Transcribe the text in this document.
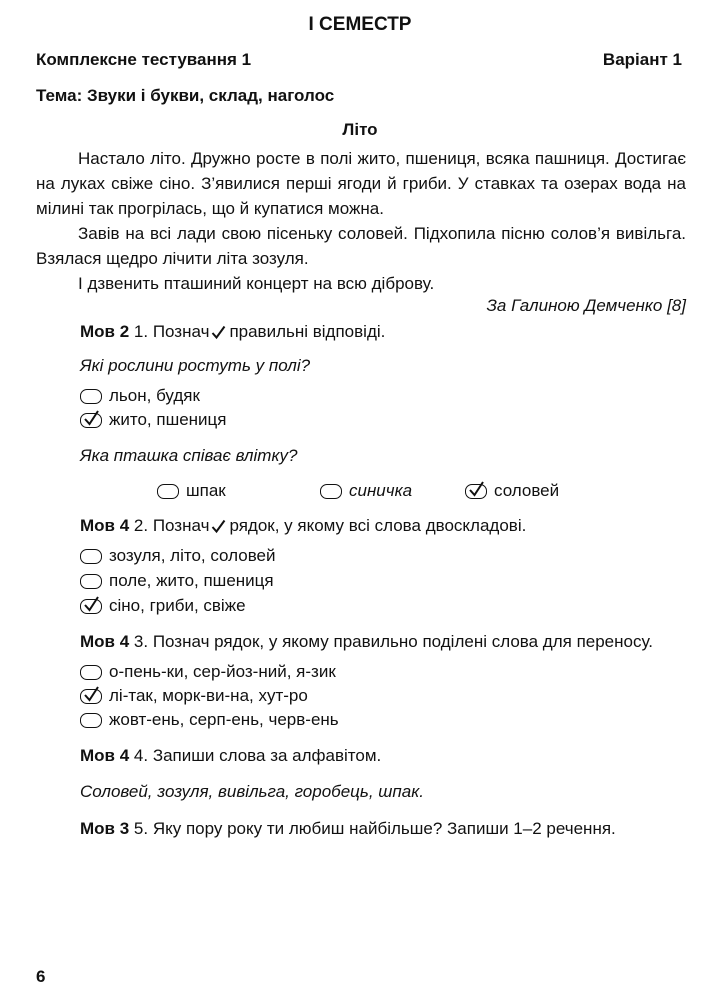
І СЕМЕСТР
Комплексне тестування 1	Варіант 1
Тема: Звуки і букви, склад, наголос
Літо
Настало літо. Дружно росте в полі жито, пшениця, всяка пашниця. Достигає на луках свіже сіно. З’явилися перші ягоди й гриби. У ставках та озерах вода на мілині так прогрілась, що й купатися можна.
Завів на всі лади свою пісеньку соловей. Підхопила пісню солов’я вивільга. Взялася щедро лічити літа зозуля.
І дзвенить пташиний концерт на всю діброву.
За Галиною Демченко [8]
Мов 2 1. Познач правильні відповіді.
Які рослини ростуть у полі?
льон, будяк
жито, пшениця
Яка пташка співає влітку?
шпак	синичка	соловей
Мов 4 2. Познач рядок, у якому всі слова двоскладові.
зозуля, літо, соловей
поле, жито, пшениця
сіно, гриби, свіже
Мов 4 3. Познач рядок, у якому правильно поділені слова для переносу.
о-пень-ки, сер-йоз-ний, я-зик
лі-так, морк-ви-на, хут-ро
жовт-ень, серп-ень, черв-ень
Мов 4 4. Запиши слова за алфавітом.
Соловей, зозуля, вивільга, горобець, шпак.
Мов 3 5. Яку пору року ти любиш найбільше? Запиши 1–2 речення.
6
